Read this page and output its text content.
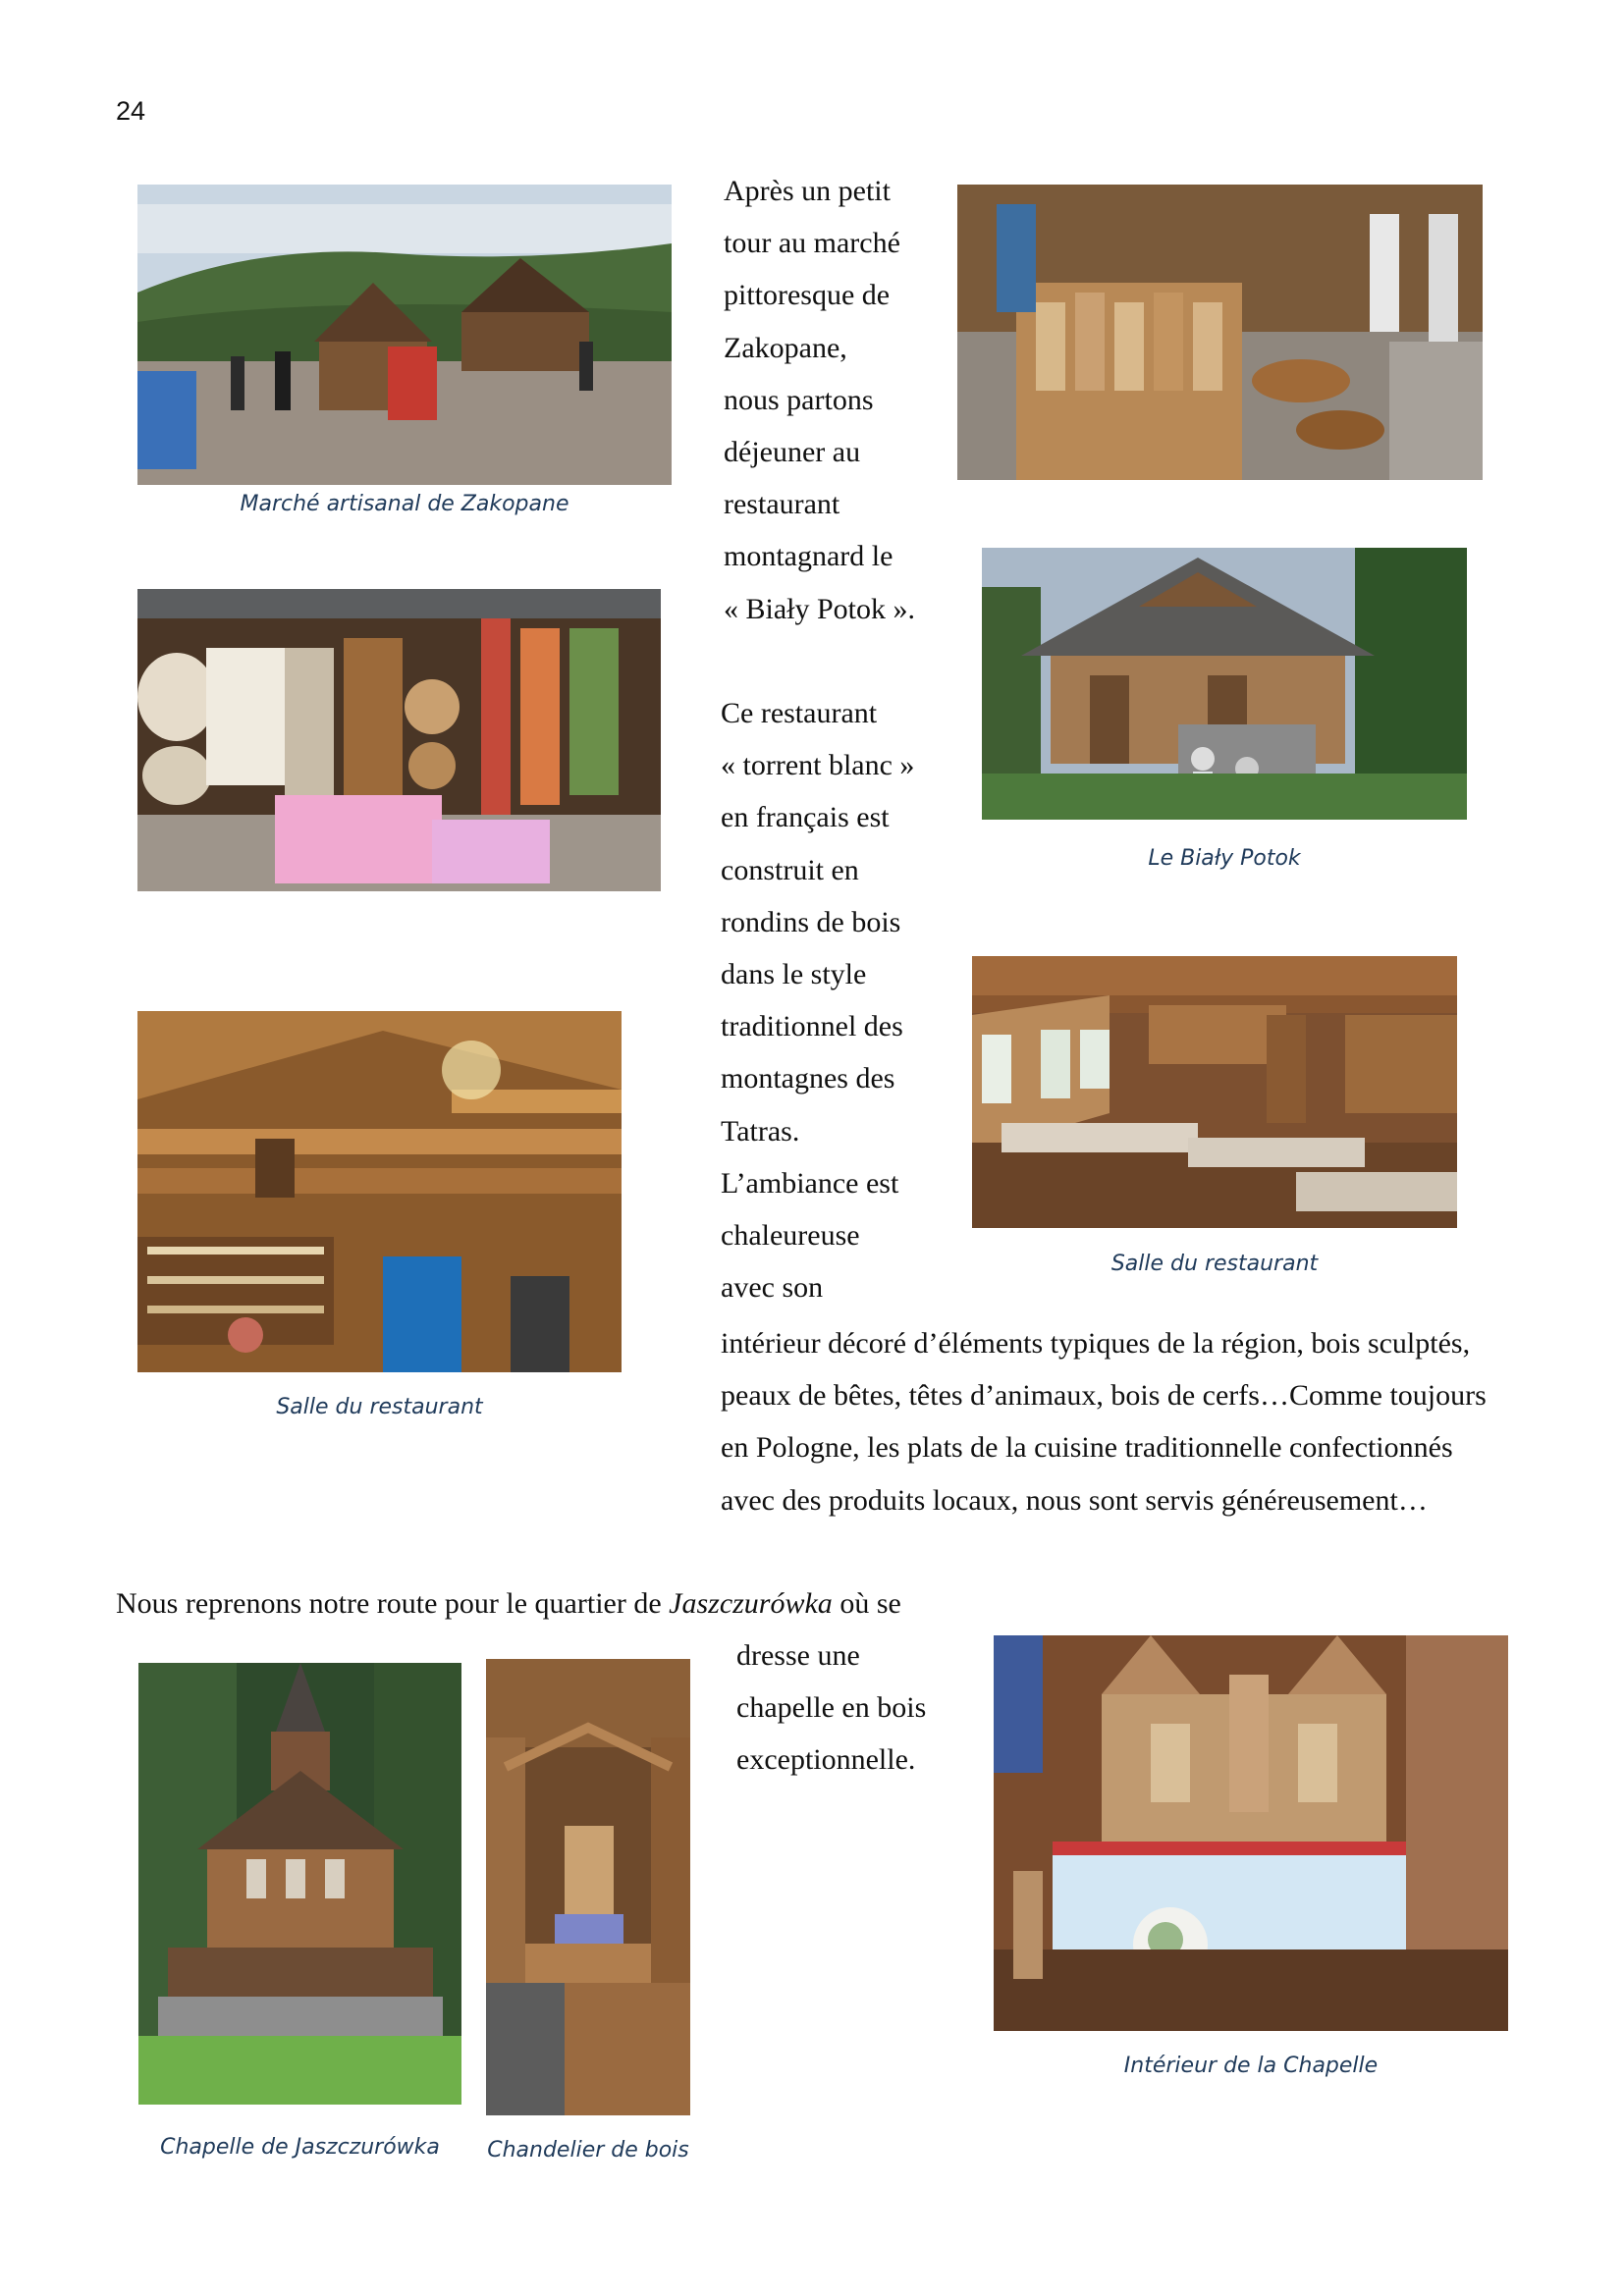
24
Marché artisanal de Zakopane
Après un petit
tour au marché
pittoresque de
Zakopane,
nous partons
déjeuner au
restaurant
montagnard le
« Biały Potok ».
Le Biały Potok
Ce restaurant
« torrent blanc »
en français est
construit en
rondins de bois
dans le style
traditionnel des
montagnes des
Tatras.
L’ambiance est
chaleureuse
avec son
Salle du restaurant
Salle du restaurant
intérieur décoré d’éléments typiques de la région, bois sculptés,
peaux de bêtes, têtes d’animaux, bois de cerfs…Comme toujours
en Pologne, les plats de la cuisine traditionnelle confectionnés
avec des produits locaux, nous sont servis généreusement…
Nous reprenons notre route pour le quartier de Jaszczurówka où se
dresse une
chapelle en bois
exceptionnelle.
Chapelle de Jaszczurówka	Chandelier de bois
Intérieur de la Chapelle
